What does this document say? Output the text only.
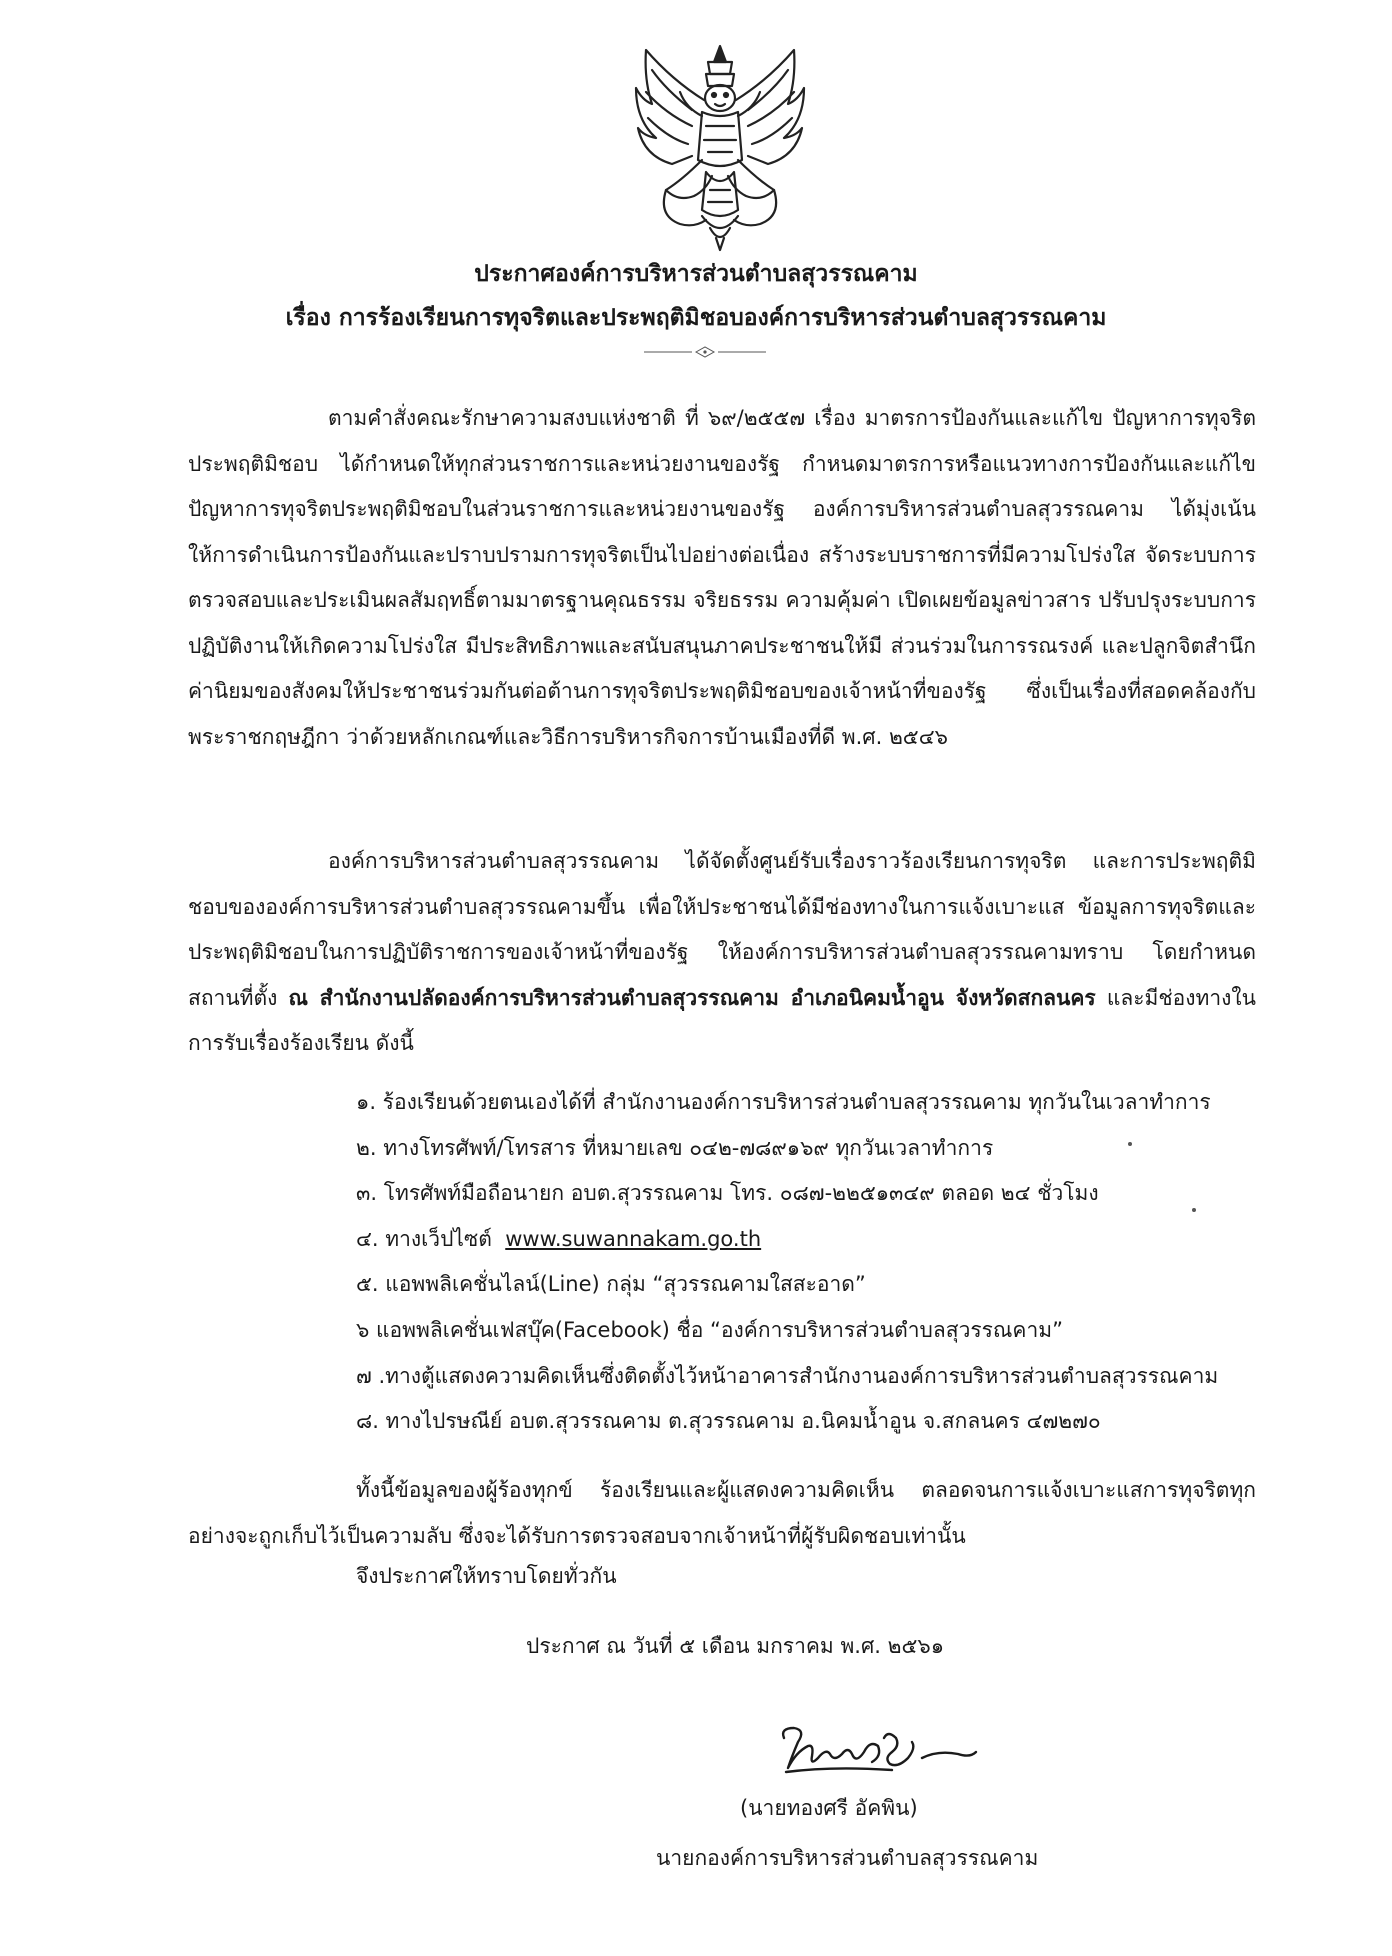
ประกาศองค์การบริหารส่วนตำบลสุวรรณคาม
เรื่อง การร้องเรียนการทุจริตและประพฤติมิชอบองค์การบริหารส่วนตำบลสุวรรณคาม
ตามคำสั่งคณะรักษาความสงบแห่งชาติ ที่ ๖๙/๒๕๕๗ เรื่อง มาตรการป้องกันและแก้ไข ปัญหาการทุจริตประพฤติมิชอบ ได้กำหนดให้ทุกส่วนราชการและหน่วยงานของรัฐ กำหนดมาตรการหรือแนวทางการป้องกันและแก้ไขปัญหาการทุจริตประพฤติมิชอบในส่วนราชการและหน่วยงานของรัฐ องค์การบริหารส่วนตำบลสุวรรณคาม ได้มุ่งเน้นให้การดำเนินการป้องกันและปราบปรามการทุจริตเป็นไปอย่างต่อเนื่อง สร้างระบบราชการที่มีความโปร่งใส จัดระบบการตรวจสอบและประเมินผลสัมฤทธิ์ตามมาตรฐานคุณธรรม จริยธรรม ความคุ้มค่า เปิดเผยข้อมูลข่าวสาร ปรับปรุงระบบการปฏิบัติงานให้เกิดความโปร่งใส มีประสิทธิภาพและสนับสนุนภาคประชาชนให้มี ส่วนร่วมในการรณรงค์ และปลูกจิตสำนึกค่านิยมของสังคมให้ประชาชนร่วมกันต่อต้านการทุจริตประพฤติมิชอบของเจ้าหน้าที่ของรัฐ ซึ่งเป็นเรื่องที่สอดคล้องกับพระราชกฤษฎีกา ว่าด้วยหลักเกณฑ์และวิธีการบริหารกิจการบ้านเมืองที่ดี พ.ศ. ๒๕๔๖
องค์การบริหารส่วนตำบลสุวรรณคาม ได้จัดตั้งศูนย์รับเรื่องราวร้องเรียนการทุจริต และการประพฤติมิชอบขององค์การบริหารส่วนตำบลสุวรรณคามขึ้น เพื่อให้ประชาชนได้มีช่องทางในการแจ้งเบาะแส ข้อมูลการทุจริตและประพฤติมิชอบในการปฏิบัติราชการของเจ้าหน้าที่ของรัฐ ให้องค์การบริหารส่วนตำบลสุวรรณคามทราบ โดยกำหนดสถานที่ตั้ง ณ สำนักงานปลัดองค์การบริหารส่วนตำบลสุวรรณคาม อำเภอนิคมน้ำอูน จังหวัดสกลนคร และมีช่องทางในการรับเรื่องร้องเรียน ดังนี้
๑. ร้องเรียนด้วยตนเองได้ที่ สำนักงานองค์การบริหารส่วนตำบลสุวรรณคาม ทุกวันในเวลาทำการ
๒. ทางโทรศัพท์/โทรสาร ที่หมายเลข ๐๔๒-๗๘๙๑๖๙ ทุกวันเวลาทำการ
๓. โทรศัพท์มือถือนายก อบต.สุวรรณคาม โทร. ๐๘๗-๒๒๕๑๓๔๙ ตลอด ๒๔ ชั่วโมง
๔. ทางเว็ปไซต์ www.suwannakam.go.th
๕. แอพพลิเคชั่นไลน์(Line) กลุ่ม “สุวรรณคามใสสะอาด”
๖ แอพพลิเคชั่นเฟสบุ๊ค(Facebook) ชื่อ “องค์การบริหารส่วนตำบลสุวรรณคาม”
๗ .ทางตู้แสดงความคิดเห็นซึ่งติดตั้งไว้หน้าอาคารสำนักงานองค์การบริหารส่วนตำบลสุวรรณคาม
๘. ทางไปรษณีย์ อบต.สุวรรณคาม ต.สุวรรณคาม อ.นิคมน้ำอูน จ.สกลนคร ๔๗๒๗๐
ทั้งนี้ข้อมูลของผู้ร้องทุกข์ ร้องเรียนและผู้แสดงความคิดเห็น ตลอดจนการแจ้งเบาะแสการทุจริตทุกอย่างจะถูกเก็บไว้เป็นความลับ ซึ่งจะได้รับการตรวจสอบจากเจ้าหน้าที่ผู้รับผิดชอบเท่านั้น
จึงประกาศให้ทราบโดยทั่วกัน
ประกาศ ณ วันที่ ๕ เดือน มกราคม พ.ศ. ๒๕๖๑
(นายทองศรี อัคพิน)
นายกองค์การบริหารส่วนตำบลสุวรรณคาม
